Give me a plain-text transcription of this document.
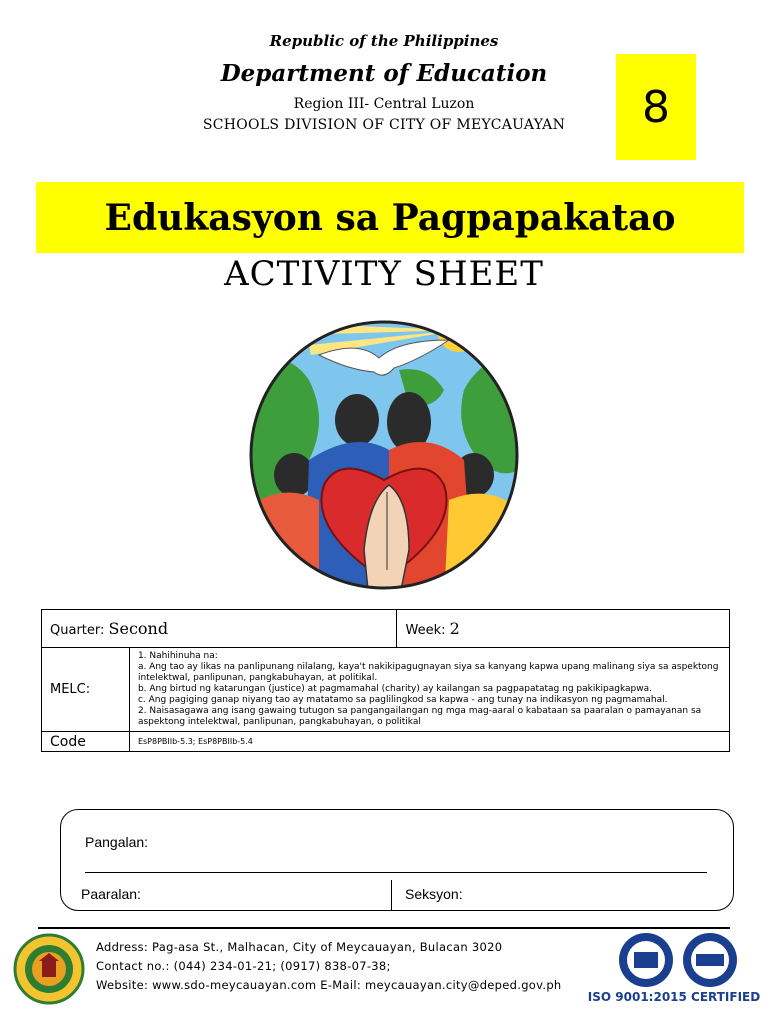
Republic of the Philippines
Department of Education
Region III- Central Luzon
SCHOOLS DIVISION OF CITY OF MEYCAUAYAN	8
Edukasyon sa Pagpapakatao
ACTIVITY SHEET
Quarter: Second		Week: 2
MELC:	1. Nahihinuha na:

a. Ang tao ay likas na panlipunang nilalang, kaya't nakikipagugnayan siya sa kanyang kapwa upang malinang siya sa aspektong intelektwal, panlipunan, pangkabuhayan, at politikal.

b. Ang birtud ng katarungan (justice) at pagmamahal (charity) ay kailangan sa pagpapatatag ng pakikipagkapwa.

c. Ang pagiging ganap niyang tao ay matatamo sa paglilingkod sa kapwa - ang tunay na indikasyon ng pagmamahal.

2. Naisasagawa ang isang gawaing tutugon sa pangangailangan ng mga mag-aaral o kabataan sa paaralan o pamayanan sa aspektong intelektwal, panlipunan, pangkabuhayan, o politikal	

Code	EsP8PBIIb-5.3; EsP8PBIIb-5.4	
Pangalan:
Paaralan:	Seksyon:
Address: Pag-asa St., Malhacan, City of Meycauayan, Bulacan 3020
Contact no.: (044) 234-01-21; (0917) 838-07-38;
Website: www.sdo-meycauayan.com E-Mail: meycauayan.city@deped.gov.ph
ISO 9001:2015 CERTIFIED
